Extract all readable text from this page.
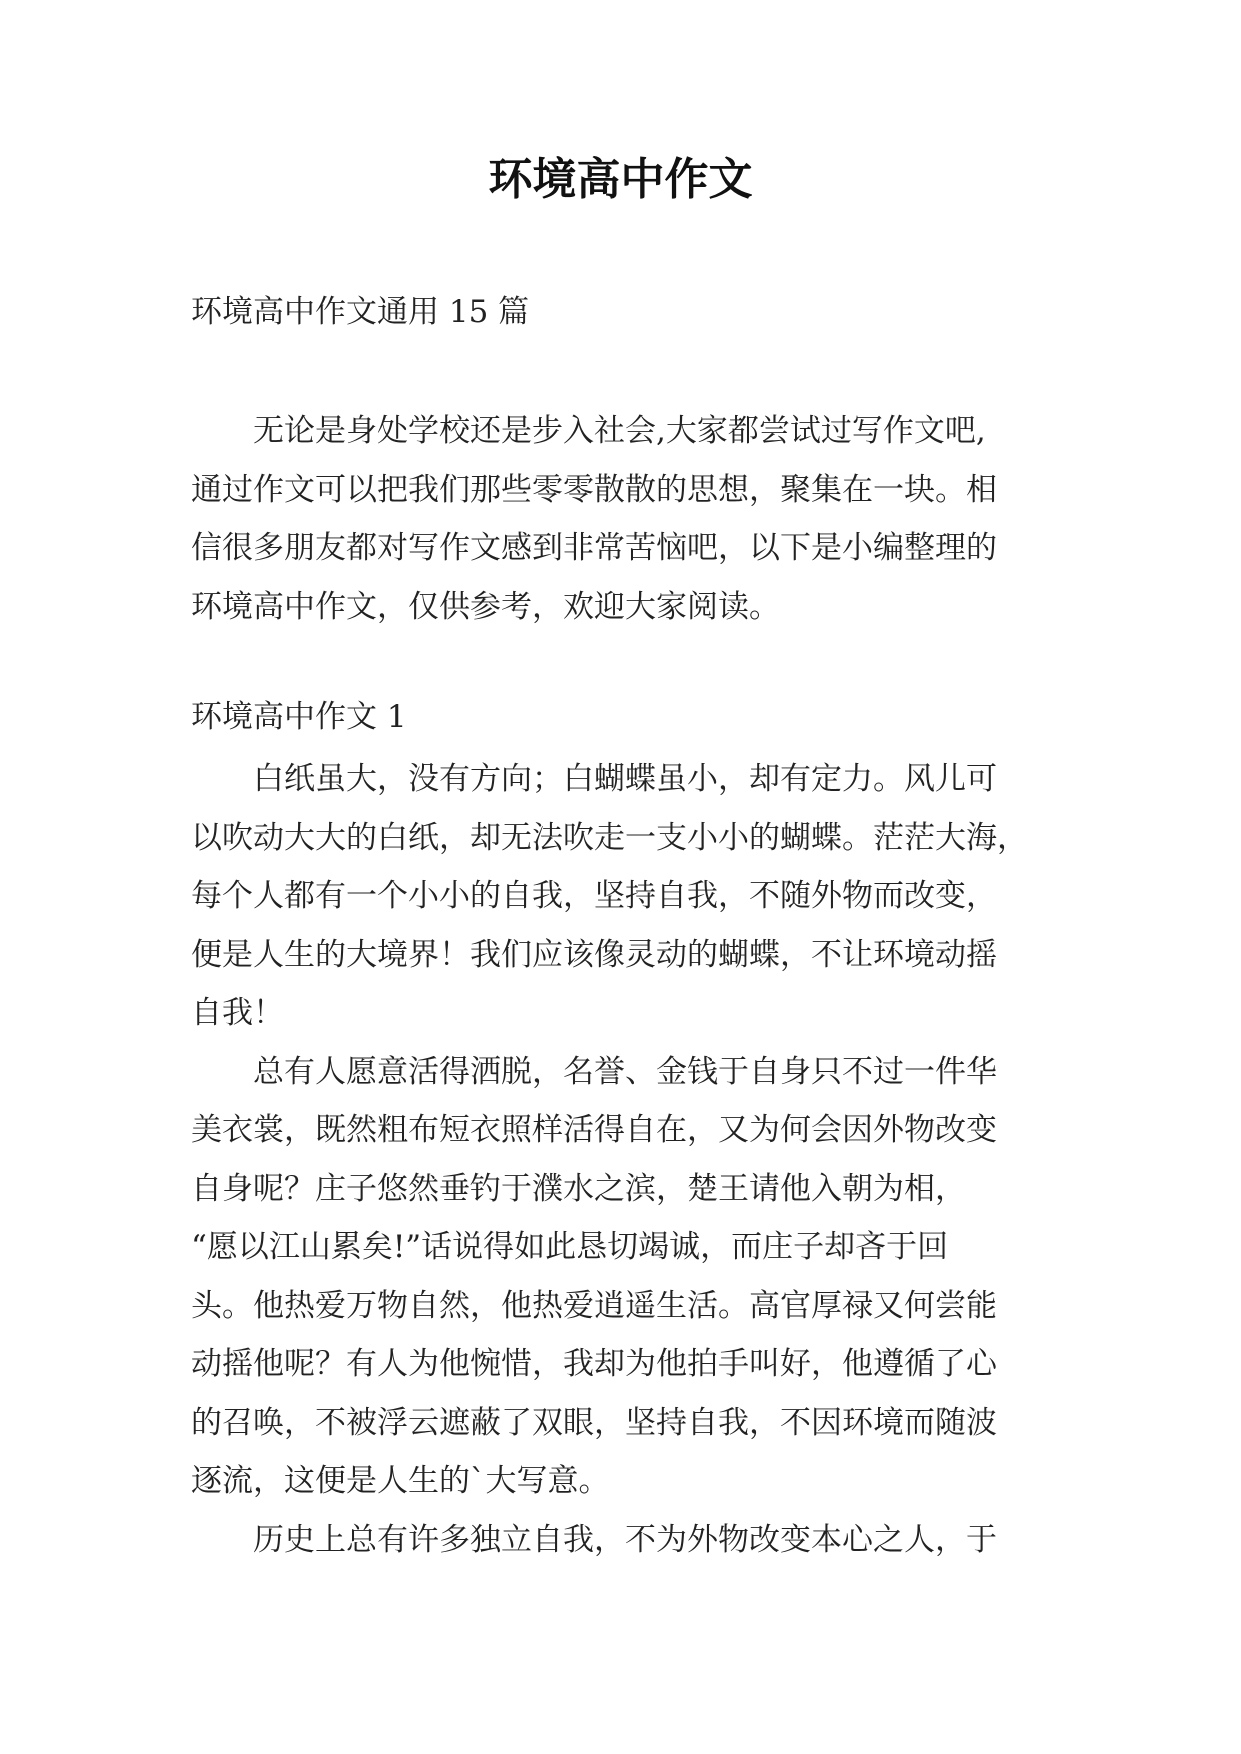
环境高中作文

环境高中作文通用 15 篇

　　无论是身处学校还是步入社会,大家都尝试过写作文吧,
通过作文可以把我们那些零零散散的思想，聚集在一块。相
信很多朋友都对写作文感到非常苦恼吧，以下是小编整理的
环境高中作文，仅供参考，欢迎大家阅读。

环境高中作文 1

　　白纸虽大，没有方向；白蝴蝶虽小，却有定力。风儿可
以吹动大大的白纸，却无法吹走一支小小的蝴蝶。茫茫大海，
每个人都有一个小小的自我，坚持自我，不随外物而改变，
便是人生的大境界！我们应该像灵动的蝴蝶，不让环境动摇
自我！
　　总有人愿意活得洒脱，名誉、金钱于自身只不过一件华
美衣裳，既然粗布短衣照样活得自在，又为何会因外物改变
自身呢？庄子悠然垂钓于濮水之滨，楚王请他入朝为相，
“愿以江山累矣!”话说得如此恳切竭诚，而庄子却吝于回
头。他热爱万物自然，他热爱逍遥生活。高官厚禄又何尝能
动摇他呢？有人为他惋惜，我却为他拍手叫好，他遵循了心
的召唤，不被浮云遮蔽了双眼，坚持自我，不因环境而随波
逐流，这便是人生的`大写意。
　　历史上总有许多独立自我，不为外物改变本心之人，于
